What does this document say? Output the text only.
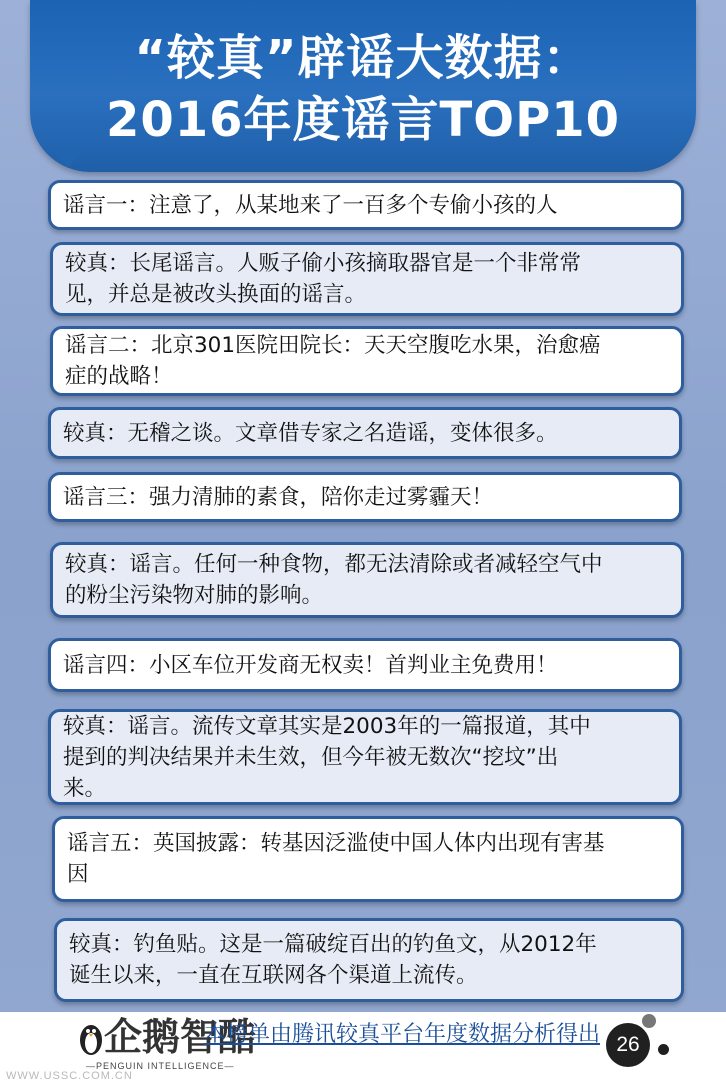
“较真”辟谣大数据：
2016年度谣言TOP10
谣言一：注意了，从某地来了一百多个专偷小孩的人
较真：长尾谣言。人贩子偷小孩摘取器官是一个非常常
见，并总是被改头换面的谣言。
谣言二：北京301医院田院长：天天空腹吃水果，治愈癌
症的战略！
较真：无稽之谈。文章借专家之名造谣，变体很多。
谣言三：强力清肺的素食，陪你走过雾霾天！
较真：谣言。任何一种食物，都无法清除或者减轻空气中
的粉尘污染物对肺的影响。
谣言四：小区车位开发商无权卖！首判业主免费用！
较真：谣言。流传文章其实是2003年的一篇报道，其中
提到的判决结果并未生效，但今年被无数次“挖坟”出
来。
谣言五：英国披露：转基因泛滥使中国人体内出现有害基
因
较真：钓鱼贴。这是一篇破绽百出的钓鱼文，从2012年
诞生以来，一直在互联网各个渠道上流传。
企鹅智酷
—PENGUIN INTELLIGENCE—
WWW.USSC.COM.CN
本榜单由腾讯较真平台年度数据分析得出 26
